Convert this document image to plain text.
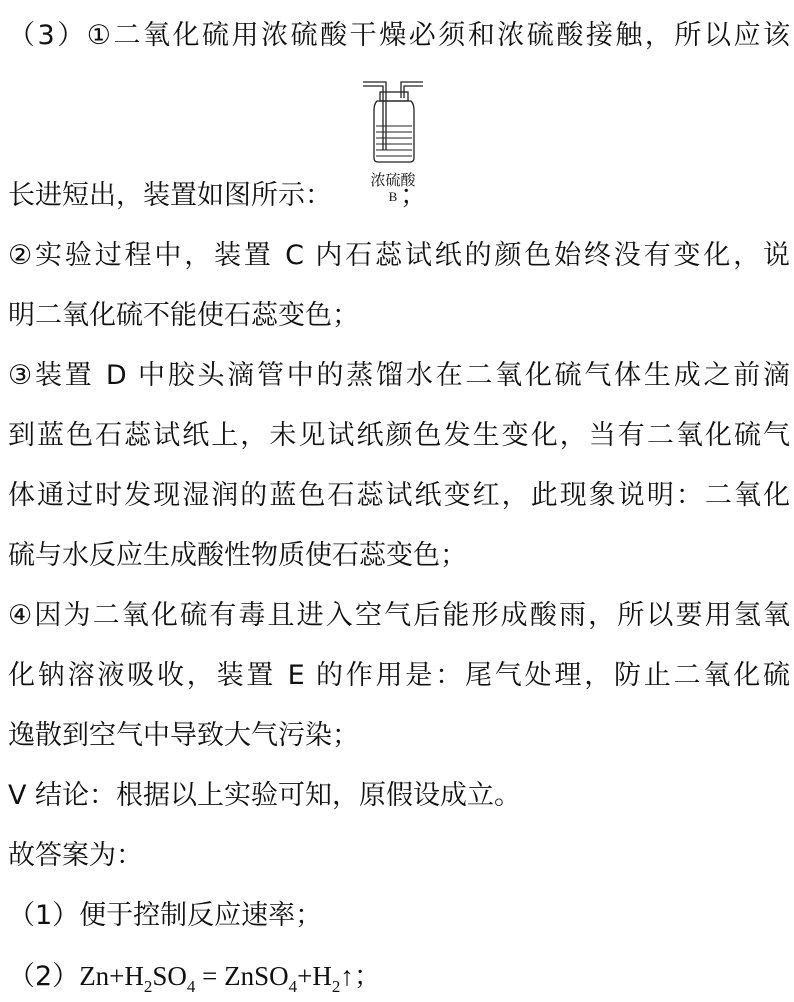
（3）①二氧化硫用浓硫酸干燥必须和浓硫酸接触，所以应该
长进短出，装置如图所示：	；
浓硫酸
B
②实验过程中，装置 C 内石蕊试纸的颜色始终没有变化，说
明二氧化硫不能使石蕊变色；
③装置 D 中胶头滴管中的蒸馏水在二氧化硫气体生成之前滴
到蓝色石蕊试纸上，未见试纸颜色发生变化，当有二氧化硫气
体通过时发现湿润的蓝色石蕊试纸变红，此现象说明：二氧化
硫与水反应生成酸性物质使石蕊变色；
④因为二氧化硫有毒且进入空气后能形成酸雨，所以要用氢氧
化钠溶液吸收，装置 E 的作用是：尾气处理，防止二氧化硫
逸散到空气中导致大气污染；
V 结论：根据以上实验可知，原假设成立。
故答案为：
（1）便于控制反应速率；
$(2)Zn+H_2SO_4$ = $ZnSO_4+H_2↑$；
